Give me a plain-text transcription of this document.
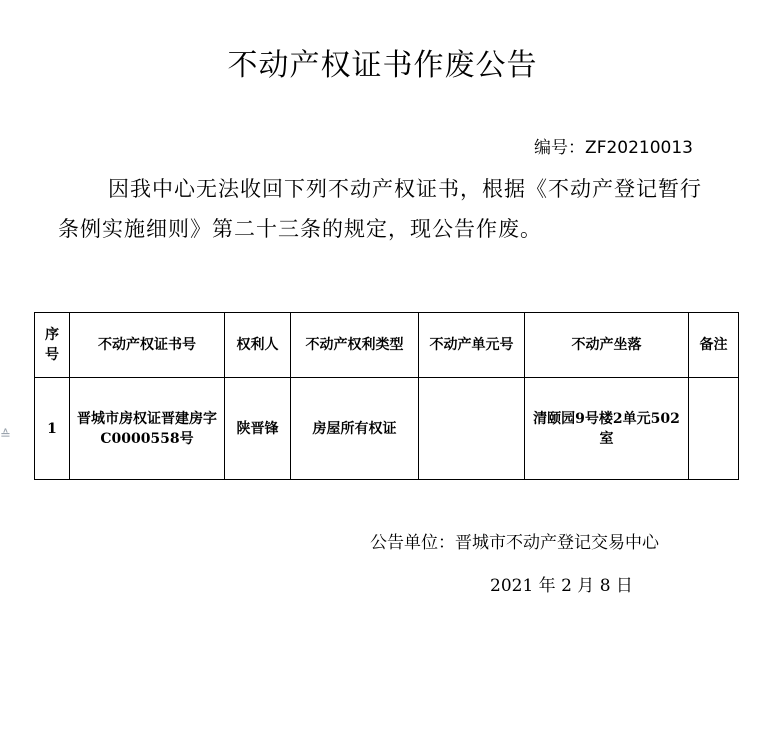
不动产权证书作废公告
编号：ZF20210013

因我中心无法收回下列不动产权证书，根据《不动产登记暂行条例实施细则》第二十三条的规定，现公告作废。

序号	不动产权证书号	权利人	不动产权利类型	不动产单元号	不动产坐落	备注
1	晋城市房权证晋建房字C0000558号	陕晋锋	房屋所有权证		清颐园9号楼2单元502室	
≙
公告单位：晋城市不动产登记交易中心
2021 年 2 月 8 日
